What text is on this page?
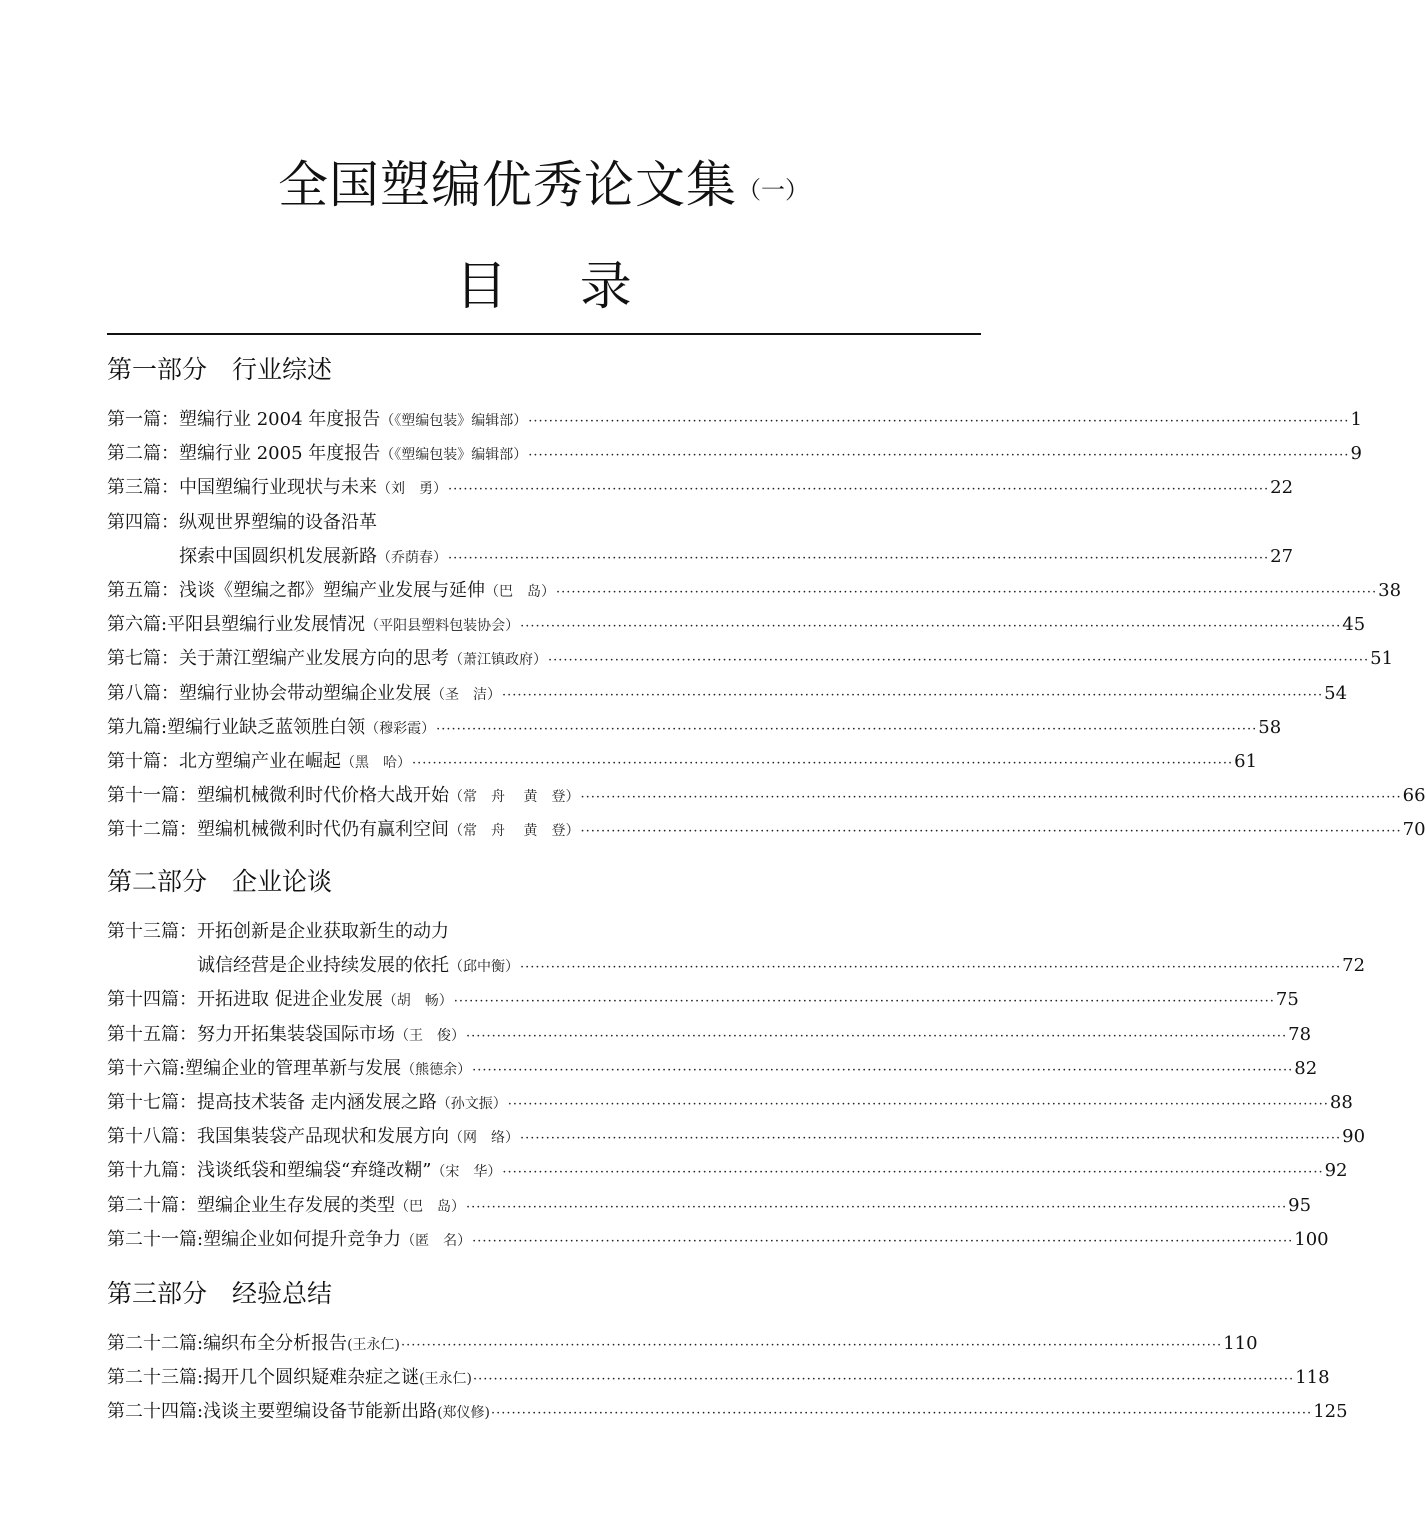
全国塑编优秀论文集（一）
目 录
第一部分　行业综述
第一篇： 塑编行业 2004 年度报告 （《塑编包装》编辑部） ································································································································································ 1
第二篇： 塑编行业 2005 年度报告 （《塑编包装》编辑部） ································································································································································ 9
第三篇： 中国塑编行业现状与未来 （刘　勇） ································································································································································ 22
第四篇：纵观世界塑编的设备沿革
探索中国圆织机发展新路 （乔荫春） ································································································································································ 27
第五篇： 浅谈《塑编之都》塑编产业发展与延伸 （巴　岛） ································································································································································ 38
第六篇: 平阳县塑编行业发展情况 （平阳县塑料包装协会） ································································································································································ 45
第七篇： 关于萧江塑编产业发展方向的思考 （萧江镇政府） ································································································································································ 51
第八篇： 塑编行业协会带动塑编企业发展 （圣　洁） ································································································································································ 54
第九篇: 塑编行业缺乏蓝领胜白领 （穆彩霞） ································································································································································ 58
第十篇： 北方塑编产业在崛起 （黑　哈） ································································································································································ 61
第十一篇： 塑编机械微利时代价格大战开始 （常　舟　 黄　登） ································································································································································ 66
第十二篇： 塑编机械微利时代仍有赢利空间 （常　舟　 黄　登） ································································································································································ 70
第二部分　企业论谈
第十三篇：开拓创新是企业获取新生的动力
诚信经营是企业持续发展的依托 （邱中衡） ································································································································································ 72
第十四篇： 开拓进取 促进企业发展 （胡　畅） ································································································································································ 75
第十五篇： 努力开拓集装袋国际市场 （王　俊） ································································································································································ 78
第十六篇: 塑编企业的管理革新与发展 （熊德余） ································································································································································ 82
第十七篇： 提高技术装备 走内涵发展之路 （孙文振） ································································································································································ 88
第十八篇： 我国集装袋产品现状和发展方向 （网　络） ································································································································································ 90
第十九篇： 浅谈纸袋和塑编袋“弃缝改糊” （宋　华） ································································································································································ 92
第二十篇： 塑编企业生存发展的类型 （巴　岛） ································································································································································ 95
第二十一篇: 塑编企业如何提升竞争力 （匿　名） ································································································································································ 100
第三部分　经验总结
第二十二篇: 编织布全分析报告 (王永仁) ································································································································································ 110
第二十三篇: 揭开几个圆织疑难杂症之谜 (王永仁) ································································································································································ 118
第二十四篇: 浅谈主要塑编设备节能新出路 (郑仪修) ································································································································································ 125
